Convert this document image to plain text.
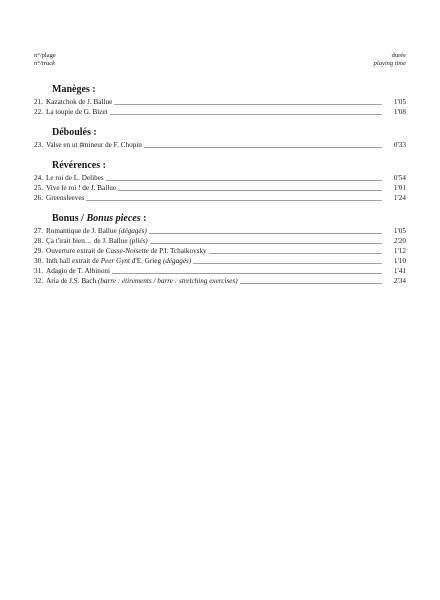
n°/plage
n°/track
durée
playing time
Manèges :
21. Kazatchok de J. Ballue	1'05
22. La toupie de G. Bizet	1'08
Déboulés :
23. Valse en ut ♯mineur de F. Chopin	0'33
Révérences :
24. Le roi de L. Delibes	0'54
25. Vive le roi ! de J. Ballue	1'01
26. Greensleeves	1'24
Bonus / Bonus pieces :
27. Romantique de J. Ballue (dégagés)	1'05
28. Ça t'irait bien… de J. Ballue (pliés)	2'20
29. Ouverture extrait de Casse-Noisette de P.I. Tchaikovsky	1'12
30. Inth hall extrait de Peer Gynt d'E. Grieg (dégagés)	1'10
31. Adagio de T. Albinoni	1'41
32. Aria de J.S. Bach (barre : étirements / barre : stretching exercises)	2'34
